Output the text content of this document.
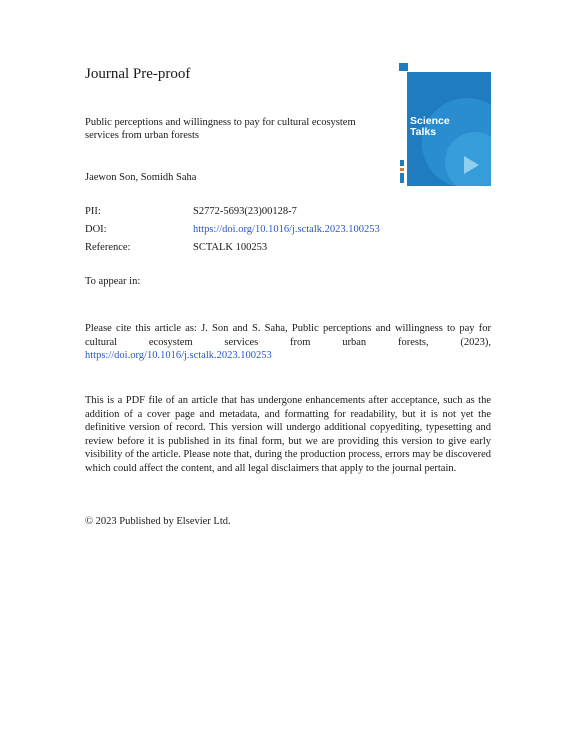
Journal Pre-proof
Public perceptions and willingness to pay for cultural ecosystem services from urban forests
Jaewon Son, Somidh Saha
PII:	S2772-5693(23)00128-7
DOI:	https://doi.org/10.1016/j.sctalk.2023.100253
Reference:	SCTALK 100253
To appear in:
Please cite this article as: J. Son and S. Saha, Public perceptions and willingness to pay for cultural ecosystem services from urban forests, (2023), https://doi.org/10.1016/j.sctalk.2023.100253
This is a PDF file of an article that has undergone enhancements after acceptance, such as the addition of a cover page and metadata, and formatting for readability, but it is not yet the definitive version of record. This version will undergo additional copyediting, typesetting and review before it is published in its final form, but we are providing this version to give early visibility of the article. Please note that, during the production process, errors may be discovered which could affect the content, and all legal disclaimers that apply to the journal pertain.
© 2023 Published by Elsevier Ltd.
Science
Talks
